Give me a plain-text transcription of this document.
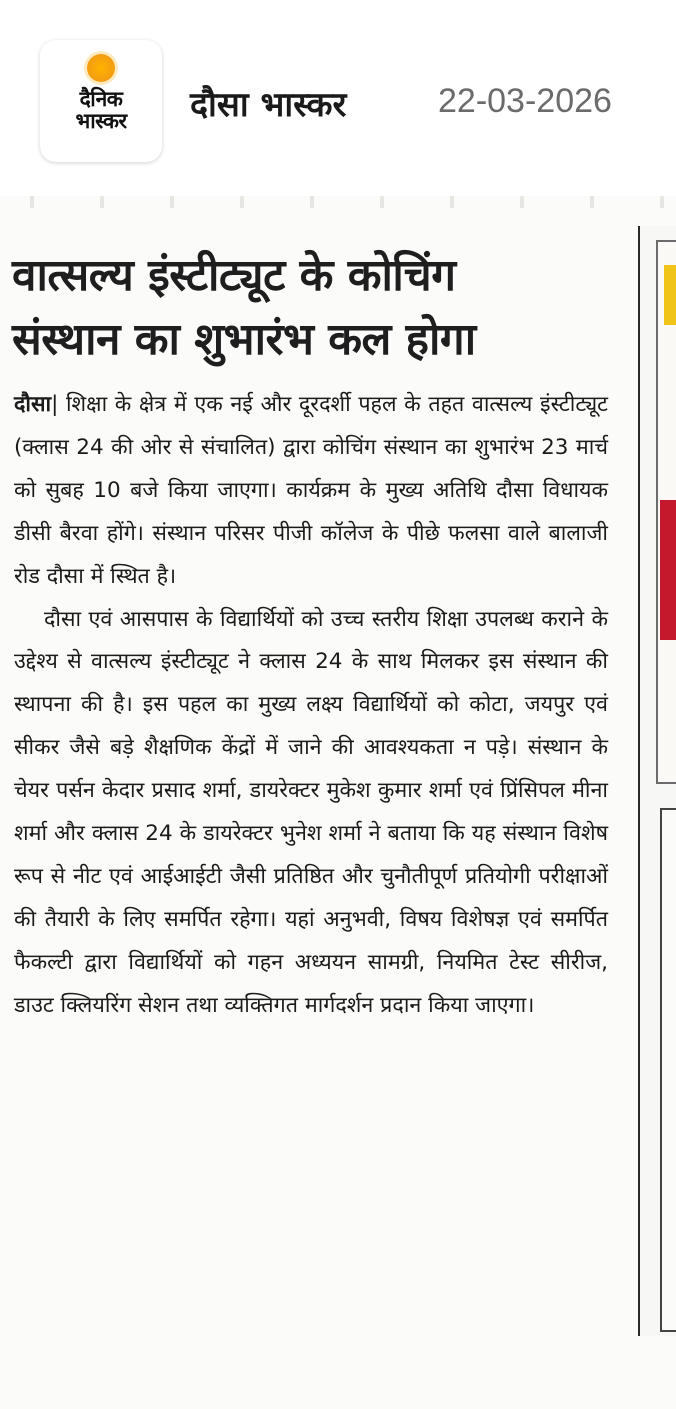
दैनिक
भास्कर दौसा भास्कर	22-03-2026
वात्सल्य इंस्टीट्यूट के कोचिंग
संस्थान का शुभारंभ कल होगा

दौसा| शिक्षा के क्षेत्र में एक नई और दूरदर्शी पहल के तहत वात्सल्य इंस्टीट्यूट (क्लास 24 की ओर से संचालित) द्वारा कोचिंग संस्थान का शुभारंभ 23 मार्च को सुबह 10 बजे किया जाएगा। कार्यक्रम के मुख्य अतिथि दौसा विधायक डीसी बैरवा होंगे। संस्थान परिसर पीजी कॉलेज के पीछे फलसा वाले बालाजी रोड दौसा में स्थित है।

दौसा एवं आसपास के विद्यार्थियों को उच्च स्तरीय शिक्षा उपलब्ध कराने के उद्देश्य से वात्सल्य इंस्टीट्यूट ने क्लास 24 के साथ मिलकर इस संस्थान की स्थापना की है। इस पहल का मुख्य लक्ष्य विद्यार्थियों को कोटा, जयपुर एवं सीकर जैसे बड़े शैक्षणिक केंद्रों में जाने की आवश्यकता न पड़े। संस्थान के चेयर पर्सन केदार प्रसाद शर्मा, डायरेक्टर मुकेश कुमार शर्मा एवं प्रिंसिपल मीना शर्मा और क्लास 24 के डायरेक्टर भुनेश शर्मा ने बताया कि यह संस्थान विशेष रूप से नीट एवं आईआईटी जैसी प्रतिष्ठित और चुनौतीपूर्ण प्रतियोगी परीक्षाओं की तैयारी के लिए समर्पित रहेगा। यहां अनुभवी, विषय विशेषज्ञ एवं समर्पित फैकल्टी द्वारा विद्यार्थियों को गहन अध्ययन सामग्री, नियमित टेस्ट सीरीज, डाउट क्लियरिंग सेशन तथा व्यक्तिगत मार्गदर्शन प्रदान किया जाएगा।
